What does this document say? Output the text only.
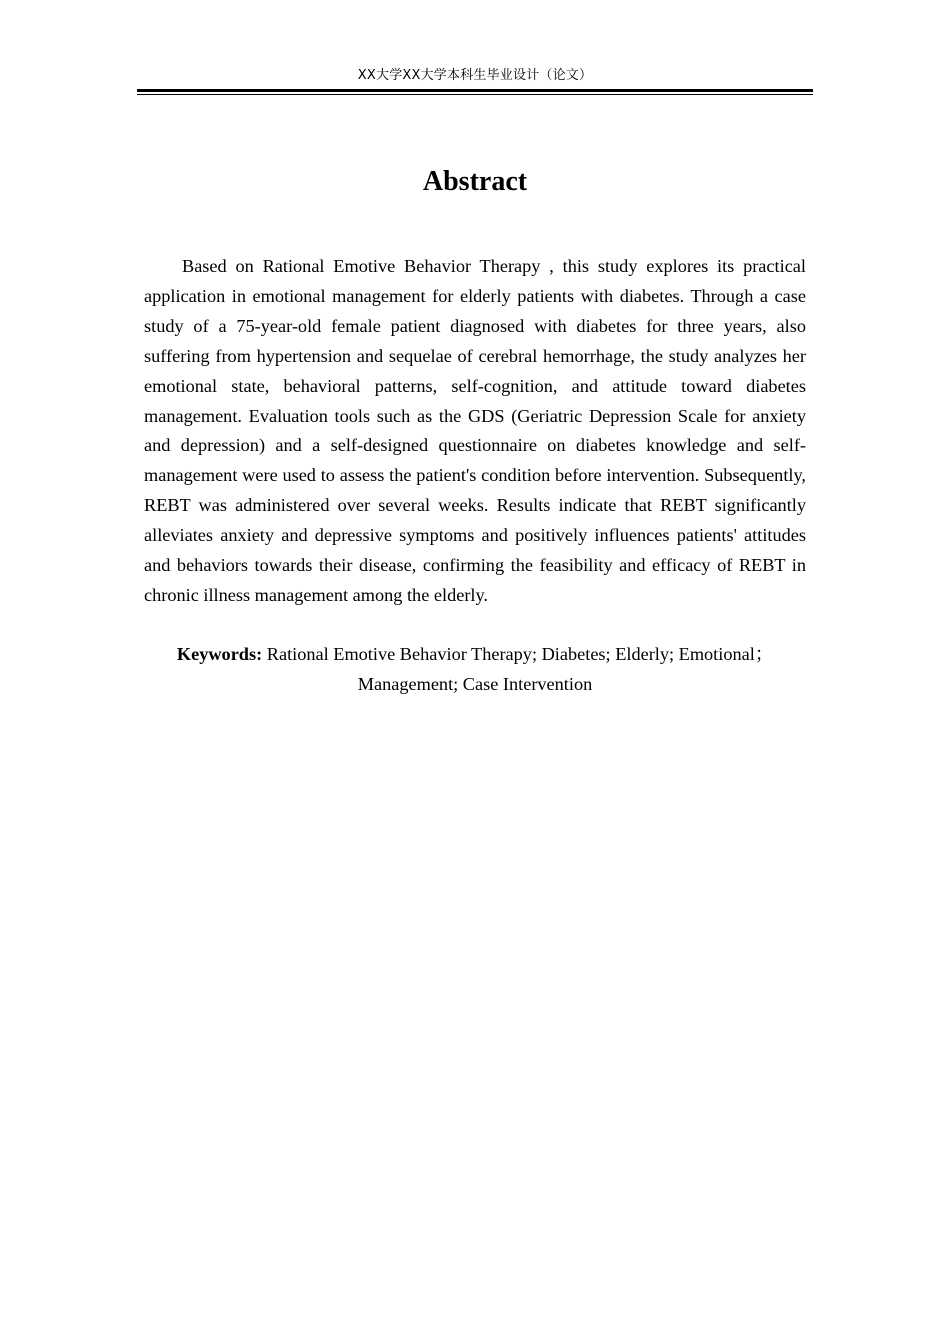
XX大学XX大学本科生毕业设计（论文）
Abstract

Based on Rational Emotive Behavior Therapy , this study explores its practical application in emotional management for elderly patients with diabetes. Through a case study of a 75-year-old female patient diagnosed with diabetes for three years, also suffering from hypertension and sequelae of cerebral hemorrhage, the study analyzes her emotional state, behavioral patterns, self-cognition, and attitude toward diabetes management. Evaluation tools such as the GDS (Geriatric Depression Scale for anxiety and depression) and a self-designed questionnaire on diabetes knowledge and self-management were used to assess the patient's condition before intervention. Subsequently, REBT was administered over several weeks. Results indicate that REBT significantly alleviates anxiety and depressive symptoms and positively influences patients' attitudes and behaviors towards their disease, confirming the feasibility and efficacy of REBT in chronic illness management among the elderly.

Keywords: Rational Emotive Behavior Therapy; Diabetes; Elderly; Emotional；Management; Case Intervention
